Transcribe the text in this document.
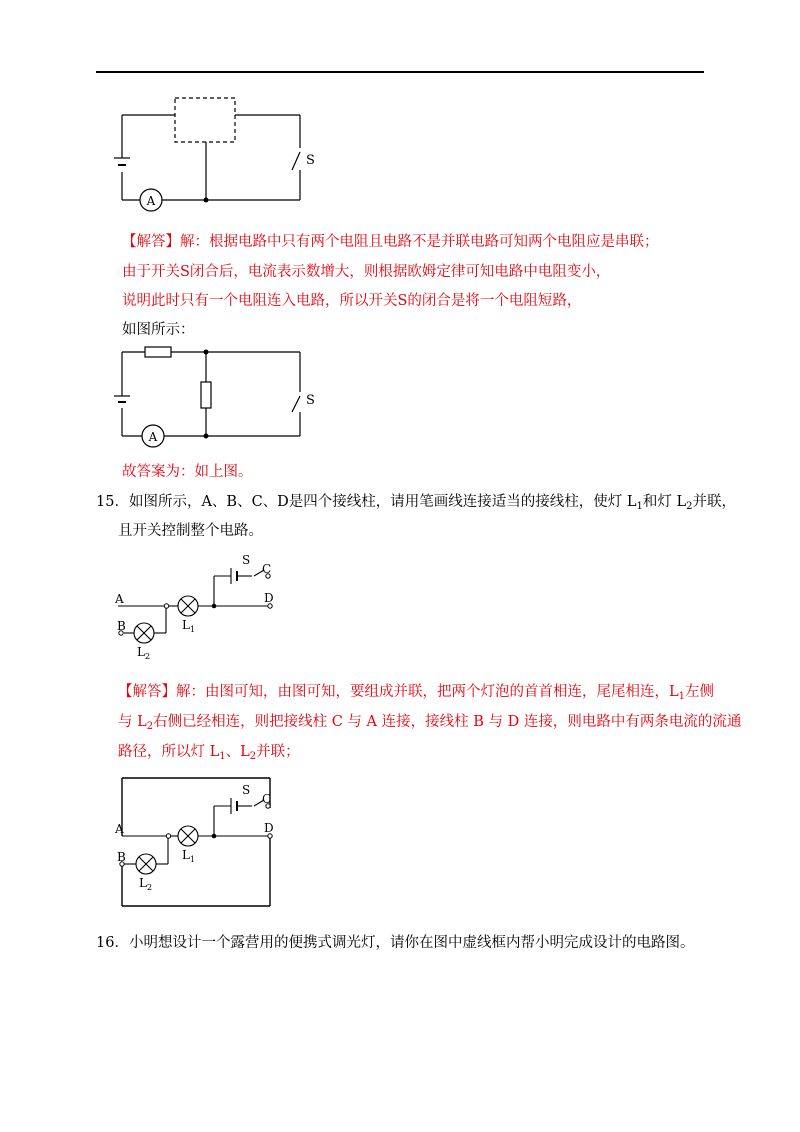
A
S
【解答】解：根据电路中只有两个电阻且电路不是并联电路可知两个电阻应是串联；
由于开关S闭合后，电流表示数增大，则根据欧姆定律可知电路中电阻变小，
说明此时只有一个电阻连入电路，所以开关S的闭合是将一个电阻短路，
如图所示：
A
S
故答案为：如上图。
15．如图所示，A、B、C、D是四个接线柱，请用笔画线连接适当的接线柱，使灯 $L_1$和灯 $L_2$并联，
且开关控制整个电路。
A
B
C
D
S
$L_1$
$L_2$
【解答】解：由图可知，由图可知，要组成并联，把两个灯泡的首首相连，尾尾相连，$L_1$左侧
与 $L_2$右侧已经相连，则把接线柱 C 与 A 连接，接线柱 B 与 D 连接，则电路中有两条电流的流通
路径，所以灯 $L_1$、$L_2$并联；
A
B
C
D
S
$L_1$
$L_2$
16．小明想设计一个露营用的便携式调光灯，请你在图中虚线框内帮小明完成设计的电路图。
